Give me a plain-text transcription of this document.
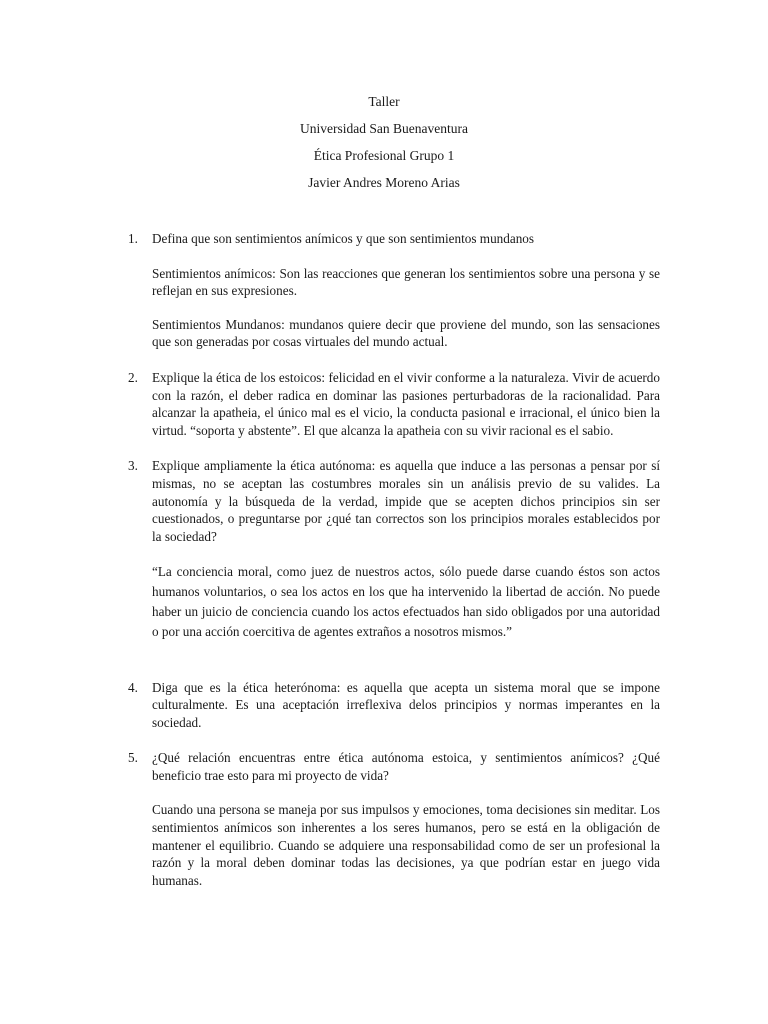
Taller
Universidad San Buenaventura
Ética Profesional Grupo 1
Javier Andres Moreno Arias
1. Defina que son sentimientos anímicos y que son sentimientos mundanos
Sentimientos anímicos: Son las reacciones que generan los sentimientos sobre una persona y se reflejan en sus expresiones.
Sentimientos Mundanos: mundanos quiere decir que proviene del mundo, son las sensaciones que son generadas por cosas virtuales del mundo actual.
2. Explique la ética de los estoicos: felicidad en el vivir conforme a la naturaleza. Vivir de acuerdo con la razón, el deber radica en dominar las pasiones perturbadoras de la racionalidad. Para alcanzar la apatheia, el único mal es el vicio, la conducta pasional e irracional, el único bien la virtud. “soporta y abstente”. El que alcanza la apatheia con su vivir racional es el sabio.
3. Explique ampliamente la ética autónoma: es aquella que induce a las personas a pensar por sí mismas, no se aceptan las costumbres morales sin un análisis previo de su valides. La autonomía y la búsqueda de la verdad, impide que se acepten dichos principios sin ser cuestionados, o preguntarse por ¿qué tan correctos son los principios morales establecidos por la sociedad?
“La conciencia moral, como juez de nuestros actos, sólo puede darse cuando éstos son actos humanos voluntarios, o sea los actos en los que ha intervenido la libertad de acción. No puede haber un juicio de conciencia cuando los actos efectuados han sido obligados por una autoridad o por una acción coercitiva de agentes extraños a nosotros mismos.”
4. Diga que es la ética heterónoma: es aquella que acepta un sistema moral que se impone culturalmente. Es una aceptación irreflexiva delos principios y normas imperantes en la sociedad.
5. ¿Qué relación encuentras entre ética autónoma estoica, y sentimientos anímicos? ¿Qué beneficio trae esto para mi proyecto de vida?
Cuando una persona se maneja por sus impulsos y emociones, toma decisiones sin meditar. Los sentimientos anímicos son inherentes a los seres humanos, pero se está en la obligación de mantener el equilibrio. Cuando se adquiere una responsabilidad como de ser un profesional la razón y la moral deben dominar todas las decisiones, ya que podrían estar en juego vida humanas.
